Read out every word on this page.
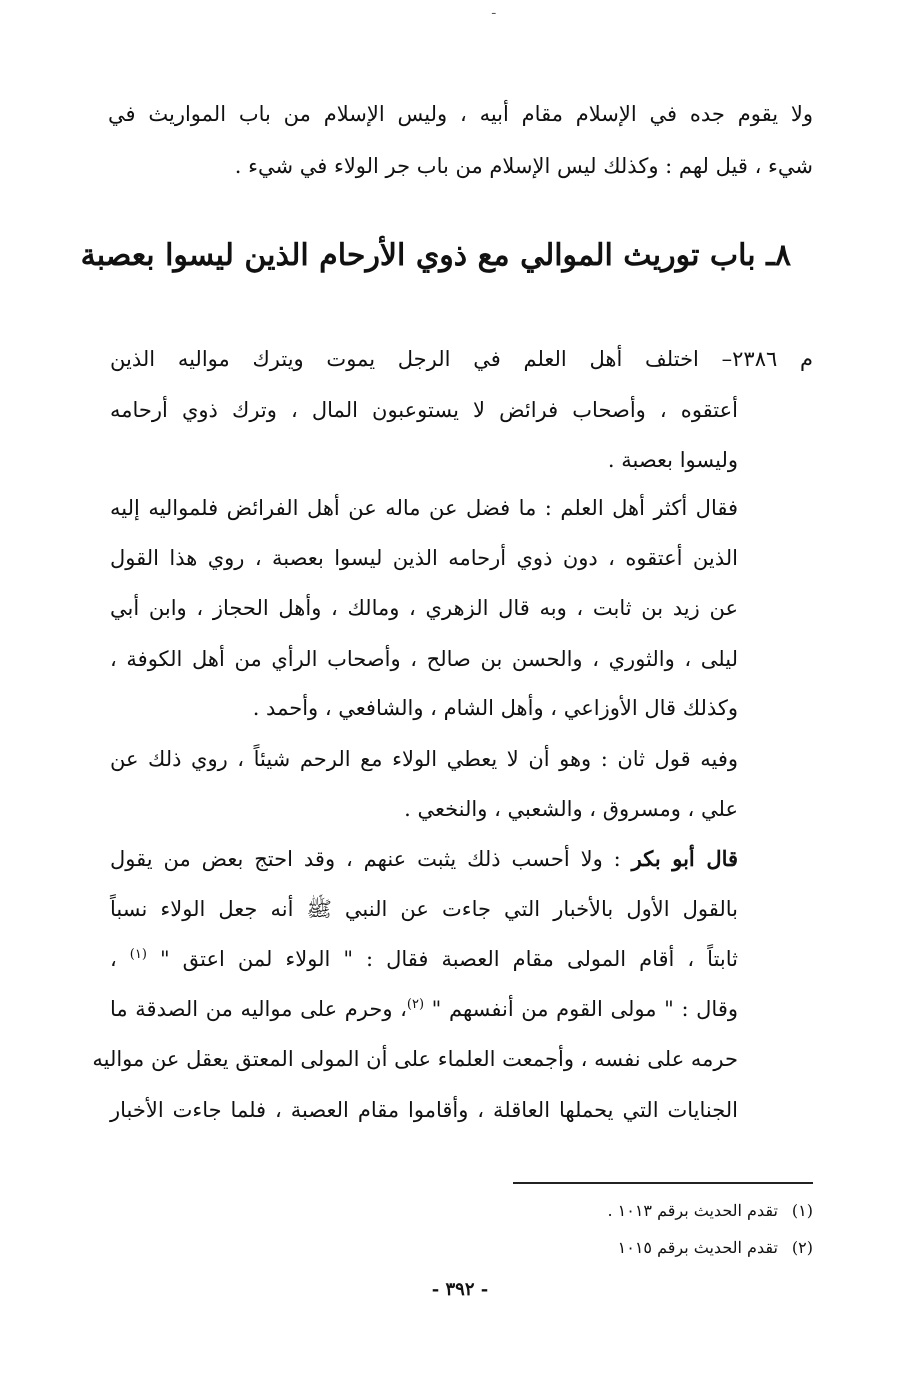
ـ
ولا يقوم جده في الإسلام مقام أبيه ، وليس الإسلام من باب المواريث في
شيء ، قيل لهم : وكذلك ليس الإسلام من باب جر الولاء في شيء .
٨ـ باب توريث الموالي مع ذوي الأرحام الذين ليسوا بعصبة
م ٢٣٨٦– اختلف أهل العلم في الرجل يموت ويترك مواليه الذين
أعتقوه ، وأصحاب فرائض لا يستوعبون المال ، وترك ذوي أرحامه
وليسوا بعصبة .
فقال أكثر أهل العلم : ما فضل عن ماله عن أهل الفرائض فلمواليه إليه
الذين أعتقوه ، دون ذوي أرحامه الذين ليسوا بعصبة ، روي هذا القول
عن زيد بن ثابت ، وبه قال الزهري ، ومالك ، وأهل الحجاز ، وابن أبي
ليلى ، والثوري ، والحسن بن صالح ، وأصحاب الرأي من أهل الكوفة ،
وكذلك قال الأوزاعي ، وأهل الشام ، والشافعي ، وأحمد .
وفيه قول ثان : وهو أن لا يعطي الولاء مع الرحم شيئاً ، روي ذلك عن
علي ، ومسروق ، والشعبي ، والنخعي .
قال أبو بكر : ولا أحسب ذلك يثبت عنهم ، وقد احتج بعض من يقول
بالقول الأول بالأخبار التي جاءت عن النبي ﷺ أنه جعل الولاء نسباً
ثابتاً ، أقام المولى مقام العصبة فقال : " الولاء لمن اعتق " $^{(١)}$ ،
وقال : " مولى القوم من أنفسهم " $^{(٢)}$، وحرم على مواليه من الصدقة ما
حرمه على نفسه ، وأجمعت العلماء على أن المولى المعتق يعقل عن مواليه
الجنايات التي يحملها العاقلة ، وأقاموا مقام العصبة ، فلما جاءت الأخبار
(١)تقدم الحديث برقم ١٠١٣ .
(٢)تقدم الحديث برقم ١٠١٥
- ٣٩٢ -
